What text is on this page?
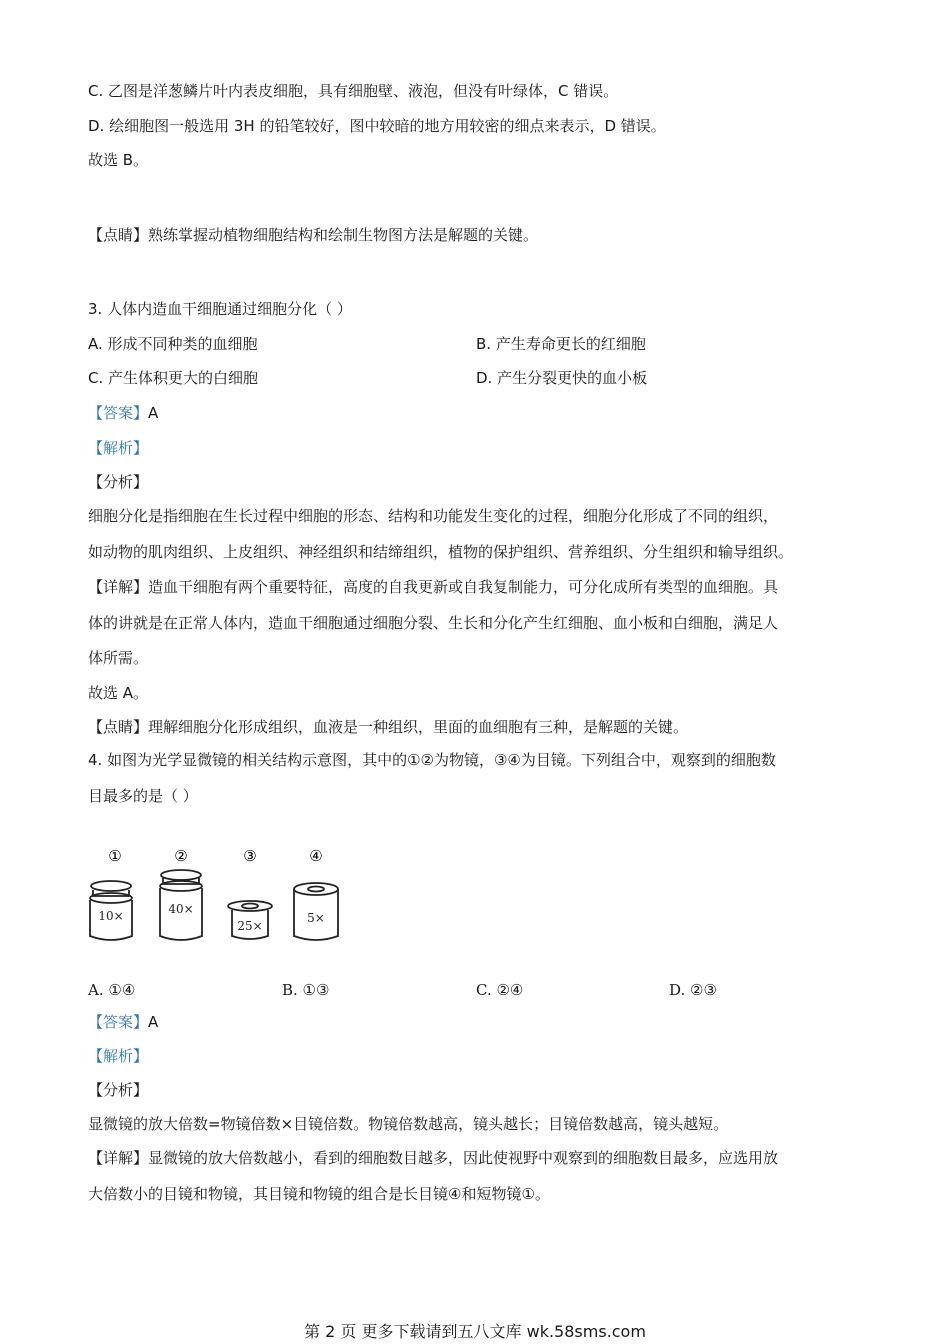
C. 乙图是洋葱鳞片叶内表皮细胞，具有细胞壁、液泡，但没有叶绿体，C 错误。
D. 绘细胞图一般选用 3H 的铅笔较好，图中较暗的地方用较密的细点来表示，D 错误。
故选 B。
【点睛】熟练掌握动植物细胞结构和绘制生物图方法是解题的关键。
3. 人体内造血干细胞通过细胞分化（ ）
A. 形成不同种类的血细胞	B. 产生寿命更长的红细胞
C. 产生体积更大的白细胞	D. 产生分裂更快的血小板
【答案】A
【解析】
【分析】
细胞分化是指细胞在生长过程中细胞的形态、结构和功能发生变化的过程，细胞分化形成了不同的组织，
如动物的肌肉组织、上皮组织、神经组织和结缔组织，植物的保护组织、营养组织、分生组织和输导组织。
【详解】造血干细胞有两个重要特征，高度的自我更新或自我复制能力，可分化成所有类型的血细胞。具
体的讲就是在正常人体内，造血干细胞通过细胞分裂、生长和分化产生红细胞、血小板和白细胞，满足人
体所需。
故选 A。
【点睛】理解细胞分化形成组织，血液是一种组织，里面的血细胞有三种，是解题的关键。
4. 如图为光学显微镜的相关结构示意图，其中的①②为物镜，③④为目镜。下列组合中，观察到的细胞数
目最多的是（ ）
①	②	③	④
10×	40×
25×
5×
A. ①④	B. ①③	C. ②④	D. ②③
【答案】A
【解析】
【分析】
显微镜的放大倍数=物镜倍数×目镜倍数。物镜倍数越高，镜头越长；目镜倍数越高，镜头越短。
【详解】显微镜的放大倍数越小，看到的细胞数目越多，因此使视野中观察到的细胞数目最多，应选用放
大倍数小的目镜和物镜，其目镜和物镜的组合是长目镜④和短物镜①。
第 2 页 更多下载请到五八文库 wk.58sms.com
